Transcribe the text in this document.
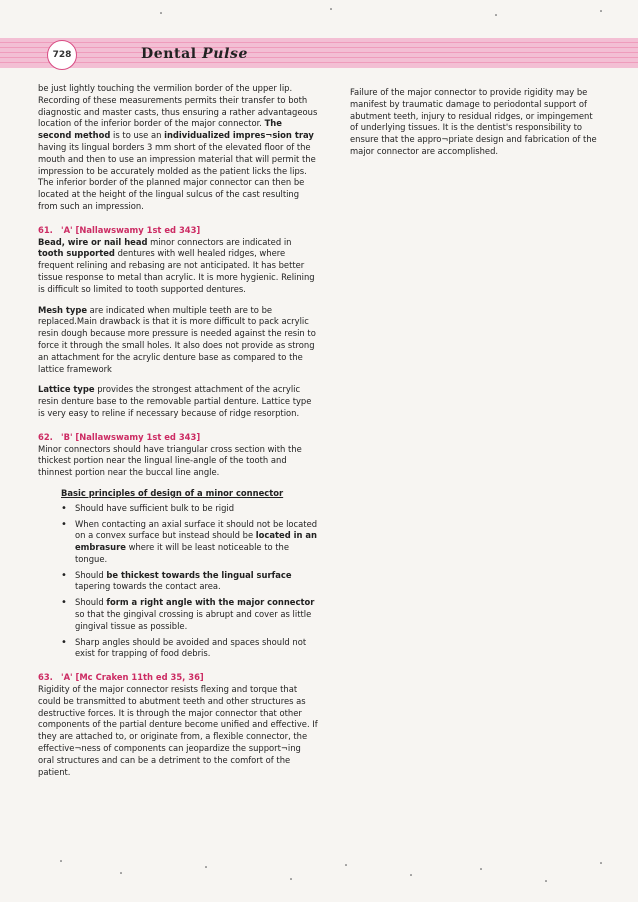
728	Dental Pulse
be just lightly touching the vermilion border of the upper lip. Recording of these measurements permits their transfer to both diagnostic and master casts, thus ensuring a rather advantageous location of the inferior border of the major connector. The second method is to use an individualized impres¬sion tray having its lingual borders 3 mm short of the elevated floor of the mouth and then to use an impression material that will permit the impression to be accurately molded as the patient licks the lips. The inferior border of the planned major connector can then be located at the height of the lingual sulcus of the cast resulting from such an impression.
61. 'A' [Nallawswamy 1st ed 343]
Bead, wire or nail head minor connectors are indicated in tooth supported dentures with well healed ridges, where frequent relining and rebasing are not anticipated. It has better tissue response to metal than acrylic. It is more hygienic. Relining is difficult so limited to tooth supported dentures.
Mesh type are indicated when multiple teeth are to be replaced.Main drawback is that it is more difficult to pack acrylic resin dough because more pressure is needed against the resin to force it through the small holes. It also does not provide as strong an attachment for the acrylic denture base as compared to the lattice framework
Lattice type provides the strongest attachment of the acrylic resin denture base to the removable partial denture. Lattice type is very easy to reline if necessary because of ridge resorption.
62. 'B' [Nallawswamy 1st ed 343]
Minor connectors should have triangular cross section with the thickest portion near the lingual line-angle of the tooth and thinnest portion near the buccal line angle.
Basic principles of design of a minor connector
• Should have sufficient bulk to be rigid
• When contacting an axial surface it should not be located on a convex surface but instead should be located in an embrasure where it will be least noticeable to the tongue.
• Should be thickest towards the lingual surface tapering towards the contact area.
• Should form a right angle with the major connector so that the gingival crossing is abrupt and cover as little gingival tissue as possible.
• Sharp angles should be avoided and spaces should not exist for trapping of food debris.
63. 'A' [Mc Craken 11th ed 35, 36]
Rigidity of the major connector resists flexing and torque that could be transmitted to abutment teeth and other structures as destructive forces. It is through the major connector that other components of the partial denture become unified and effective. If they are attached to, or originate from, a flexible connector, the effective¬ness of components can jeopardize the support¬ing oral structures and can be a detriment to the comfort of the patient.
Failure of the major connector to provide rigidity may be manifest by traumatic damage to periodontal support of abutment teeth, injury to residual ridges, or impingement of underlying tissues. It is the dentist's responsibility to ensure that the appro¬priate design and fabrication of the major connector are accomplished.
